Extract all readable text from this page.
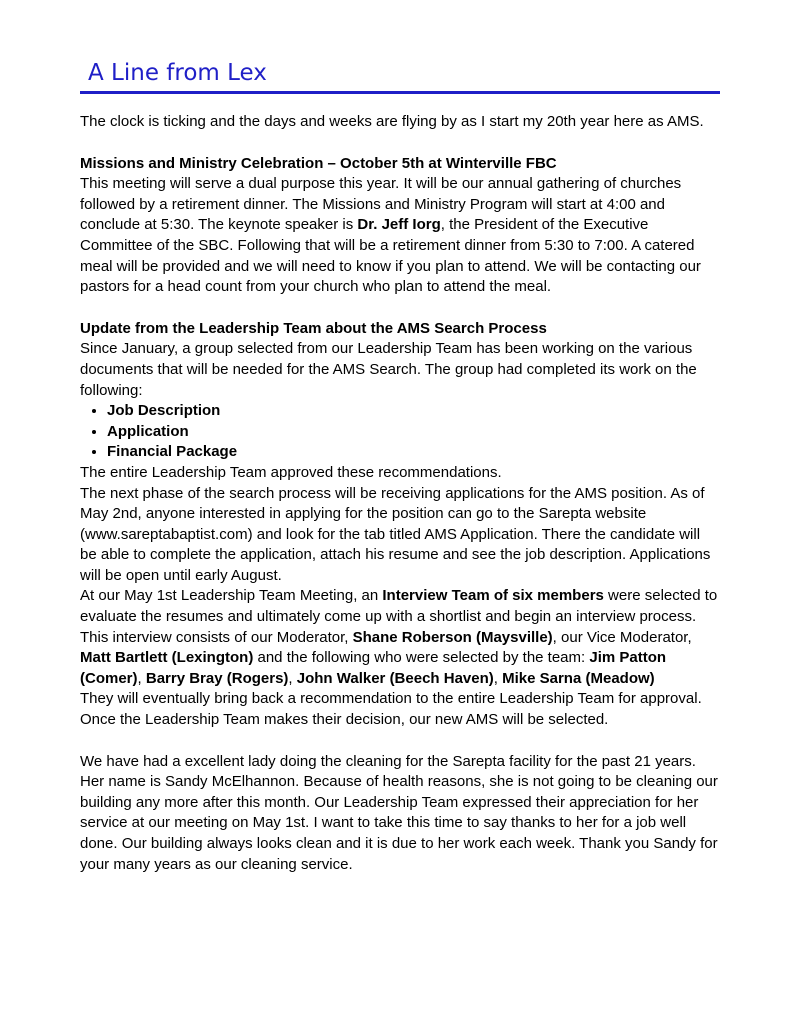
A Line from Lex

The clock is ticking and the days and weeks are flying by as I start my 20th year here as AMS.

Missions and Ministry Celebration – October 5th at Winterville FBC

This meeting will serve a dual purpose this year. It will be our annual gathering of churches followed by a retirement dinner. The Missions and Ministry Program will start at 4:00 and conclude at 5:30. The keynote speaker is Dr. Jeff Iorg, the President of the Executive Committee of the SBC. Following that will be a retirement dinner from 5:30 to 7:00. A catered meal will be provided and we will need to know if you plan to attend. We will be contacting our pastors for a head count from your church who plan to attend the meal.

Update from the Leadership Team about the AMS Search Process

Since January, a group selected from our Leadership Team has been working on the various documents that will be needed for the AMS Search. The group had completed its work on the following:

• Job Description
• Application
• Financial Package

The entire Leadership Team approved these recommendations.

The next phase of the search process will be receiving applications for the AMS position. As of May 2nd, anyone interested in applying for the position can go to the Sarepta website (www.sareptabaptist.com) and look for the tab titled AMS Application. There the candidate will be able to complete the application, attach his resume and see the job description. Applications will be open until early August.

At our May 1st Leadership Team Meeting, an Interview Team of six members were selected to evaluate the resumes and ultimately come up with a shortlist and begin an interview process. This interview consists of our Moderator, Shane Roberson (Maysville), our Vice Moderator, Matt Bartlett (Lexington) and the following who were selected by the team: Jim Patton (Comer), Barry Bray (Rogers), John Walker (Beech Haven), Mike Sarna (Meadow)

They will eventually bring back a recommendation to the entire Leadership Team for approval. Once the Leadership Team makes their decision, our new AMS will be selected.

We have had a excellent lady doing the cleaning for the Sarepta facility for the past 21 years. Her name is Sandy McElhannon. Because of health reasons, she is not going to be cleaning our building any more after this month. Our Leadership Team expressed their appreciation for her service at our meeting on May 1st. I want to take this time to say thanks to her for a job well done. Our building always looks clean and it is due to her work each week. Thank you Sandy for your many years as our cleaning service.
